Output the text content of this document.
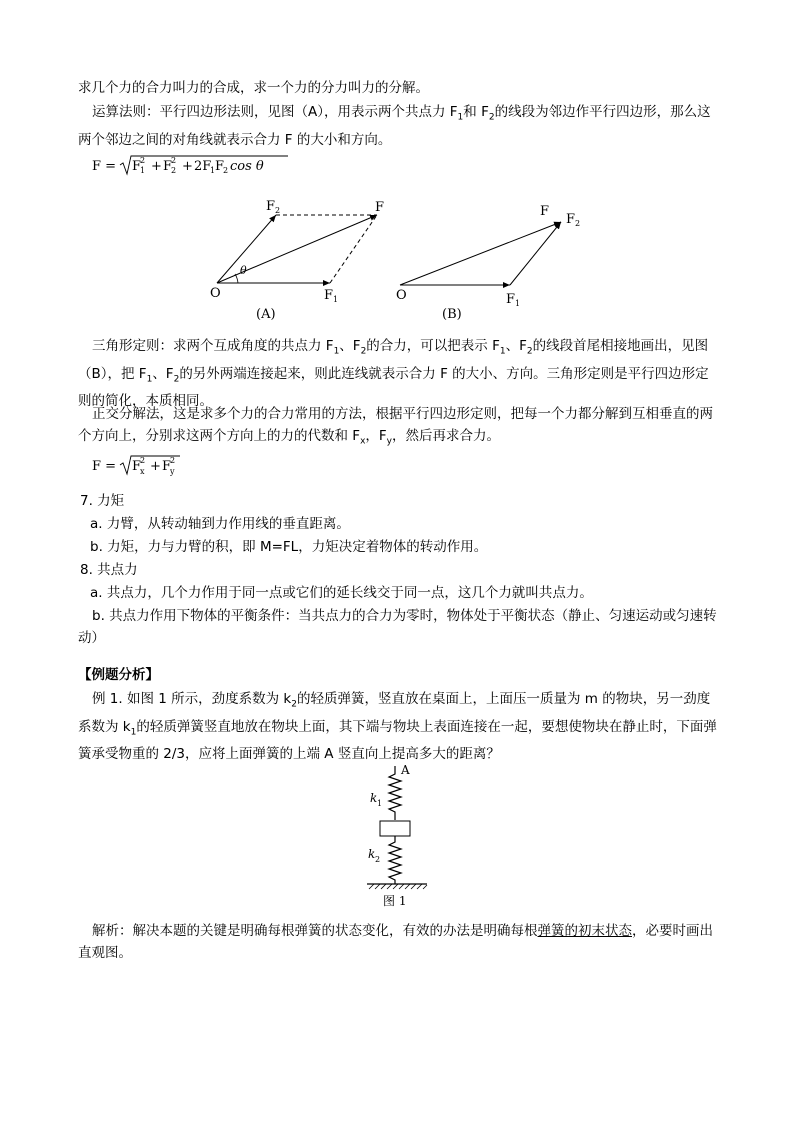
求几个力的合力叫力的合成，求一个力的分力叫力的分解。

运算法则：平行四边形法则，见图（A），用表示两个共点力 $F_1$和 $F_2$的线段为邻边作平行四边形，那么这两个邻边之间的对角线就表示合力 F 的大小和方向。

F = F
1
2 + F
2
2 + 2F
1 F
2 cos θ
F 2	F
θ
O	F 1
(A)
F
F 2
O	F 1
(B)

三角形定则：求两个互成角度的共点力 $F_1$、$F_2$的合力，可以把表示 $F_1$、$F_2$的线段首尾相接地画出，见图（B），把 $F_1$、$F_2$的另外两端连接起来，则此连线就表示合力 F 的大小、方向。三角形定则是平行四边形定则的简化，本质相同。

正交分解法，这是求多个力的合力常用的方法，根据平行四边形定则，把每一个力都分解到互相垂直的两个方向上，分别求这两个方向上的力的代数和 $F_x$，$F_y$，然后再求合力。

F = F
x
2 + F
y
2

7. 力矩

a. 力臂，从转动轴到力作用线的垂直距离。

b. 力矩，力与力臂的积，即 M=FL，力矩决定着物体的转动作用。

8. 共点力

a. 共点力，几个力作用于同一点或它们的延长线交于同一点，这几个力就叫共点力。

b. 共点力作用下物体的平衡条件：当共点力的合力为零时，物体处于平衡状态（静止、匀速运动或匀速转动）

【例题分析】

例 1. 如图 1 所示，劲度系数为 $k_2$的轻质弹簧，竖直放在桌面上，上面压一质量为 m 的物块，另一劲度系数为 $k_1$的轻质弹簧竖直地放在物块上面，其下端与物块上表面连接在一起，要想使物块在静止时，下面弹簧承受物重的 2/3，应将上面弹簧的上端 A 竖直向上提高多大的距离？

A
k 1
k 2
图 1

解析：解决本题的关键是明确每根弹簧的状态变化，有效的办法是明确每根弹簧的初末状态，必要时画出直观图。
